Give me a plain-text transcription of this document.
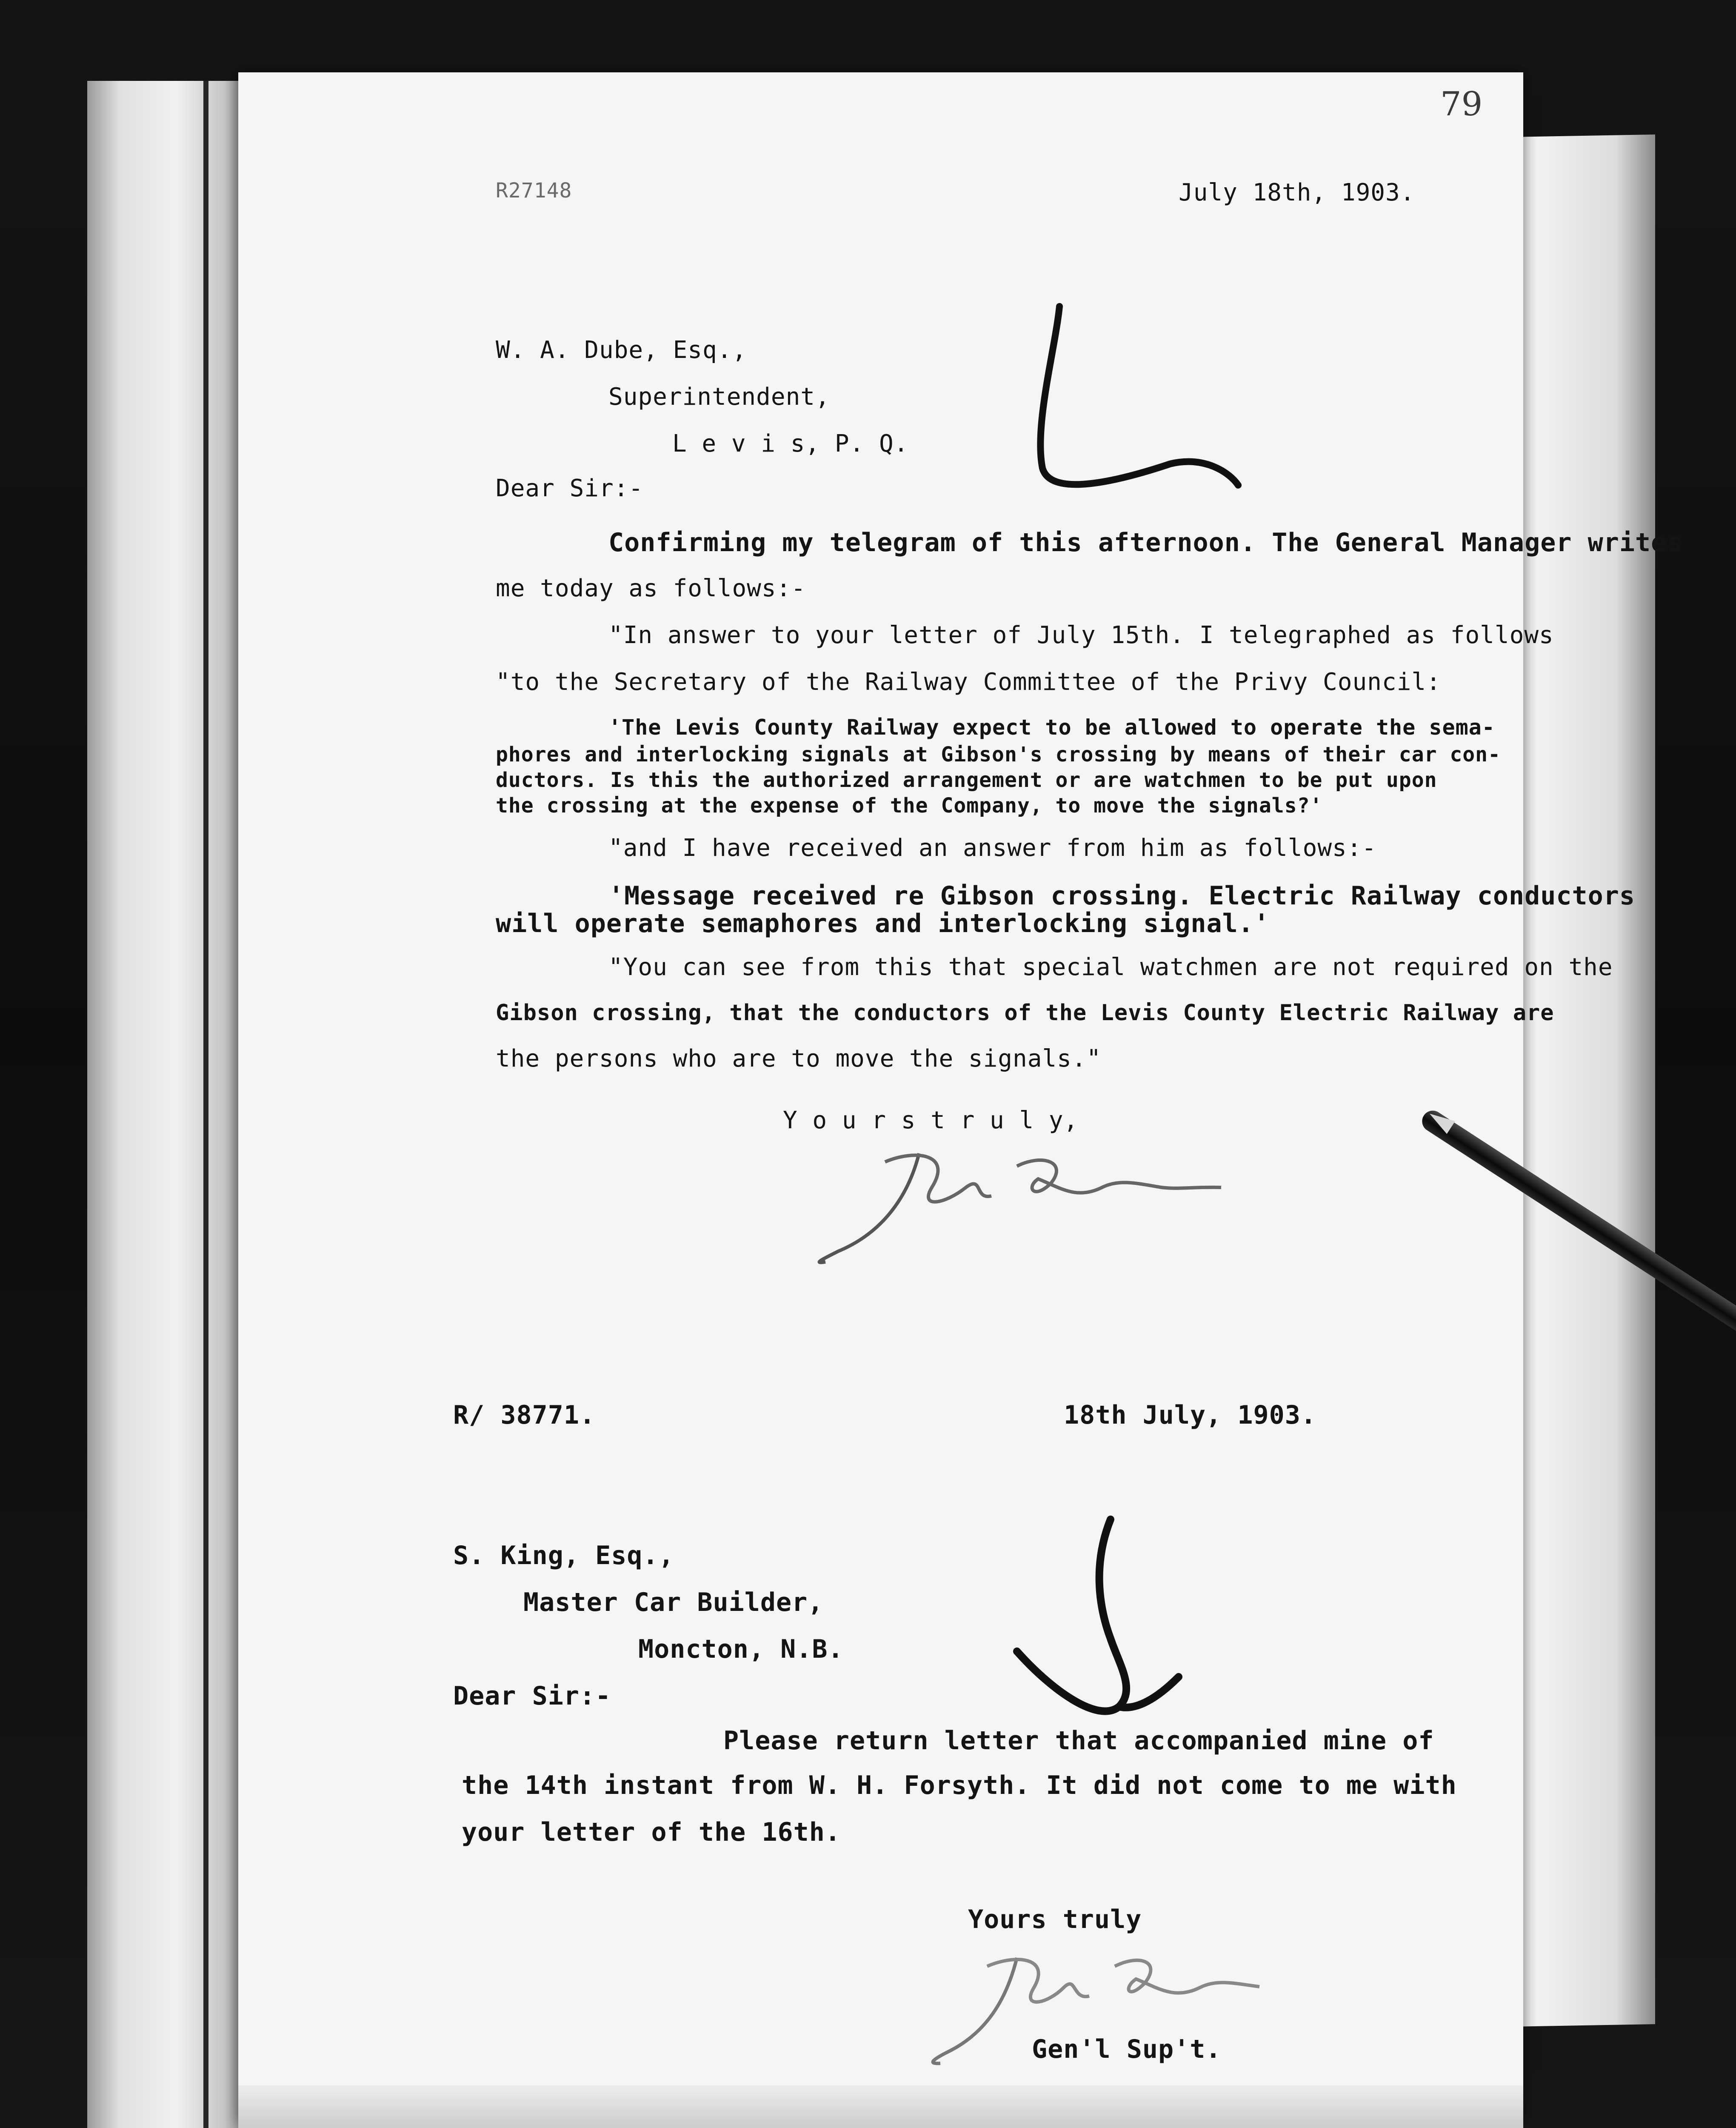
79
R27148	July 18th, 1903.
W. A. Dube, Esq.,
Superintendent,
L e v i s, P. Q.
Dear Sir:-
Confirming my telegram of this afternoon. The General Manager writes
me today as follows:-
"In answer to your letter of July 15th. I telegraphed as follows
"to the Secretary of the Railway Committee of the Privy Council:
'The Levis County Railway expect to be allowed to operate the sema-
phores and interlocking signals at Gibson's crossing by means of their car con-
ductors. Is this the authorized arrangement or are watchmen to be put upon
the crossing at the expense of the Company, to move the signals?'
"and I have received an answer from him as follows:-
'Message received re Gibson crossing. Electric Railway conductors
will operate semaphores and interlocking signal.'
"You can see from this that special watchmen are not required on the
Gibson crossing, that the conductors of the Levis County Electric Railway are
the persons who are to move the signals."
Y o u r s t r u l y,
R/ 38771.	18th July, 1903.
S. King, Esq.,
Master Car Builder,
Moncton, N.B.
Dear Sir:-
Please return letter that accompanied mine of
the 14th instant from W. H. Forsyth. It did not come to me with
your letter of the 16th.
Yours truly
Gen'l Sup't.
